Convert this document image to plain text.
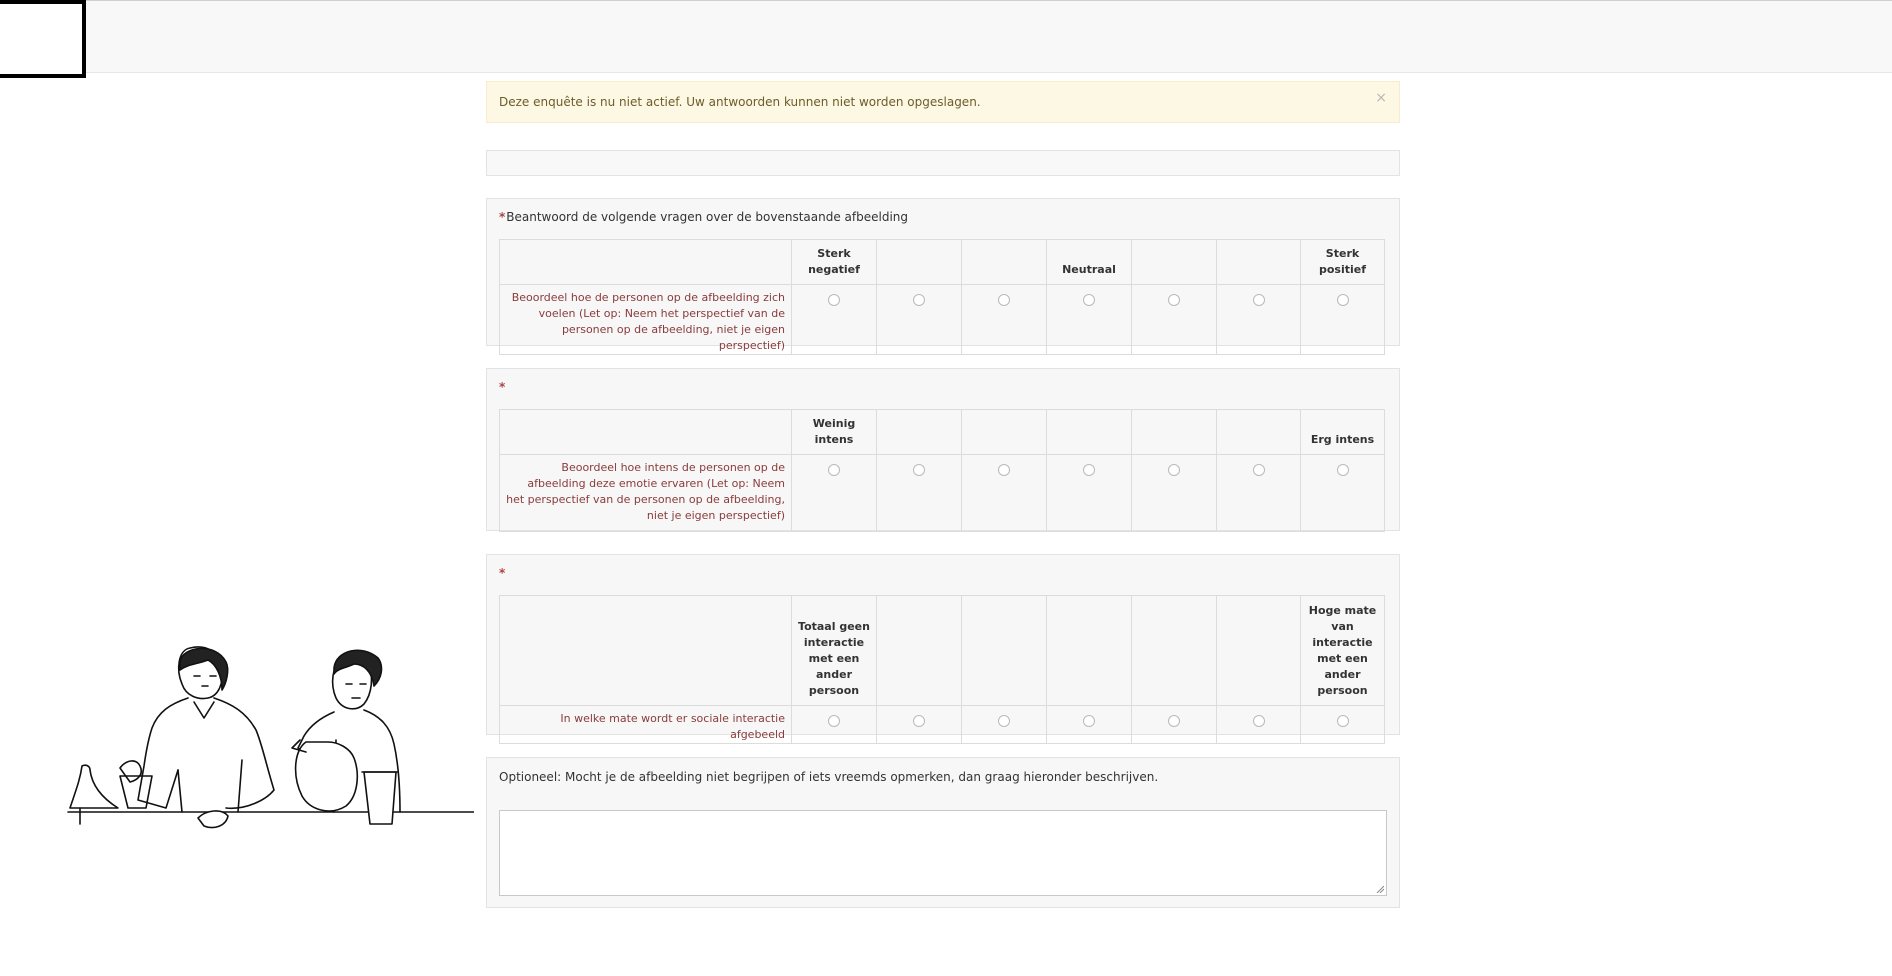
Deze enquête is nu niet actief. Uw antwoorden kunnen niet worden opgeslagen.	×
*Beantwoord de volgende vragen over de bovenstaande afbeelding
	Sterk negatief			Neutraal			Sterk positief
Beoordeel hoe de personen op de afbeelding zich voelen (Let op: Neem het perspectief van de personen op de afbeelding, niet je eigen perspectief)							
*
	Weinig intens						Erg intens
Beoordeel hoe intens de personen op de afbeelding deze emotie ervaren (Let op: Neem het perspectief van de personen op de afbeelding, niet je eigen perspectief)							
*
	Totaal geen interactie met een ander persoon						Hoge mate van interactie met een ander persoon
In welke mate wordt er sociale interactie afgebeeld							
Optioneel: Mocht je de afbeelding niet begrijpen of iets vreemds opmerken, dan graag hieronder beschrijven.
